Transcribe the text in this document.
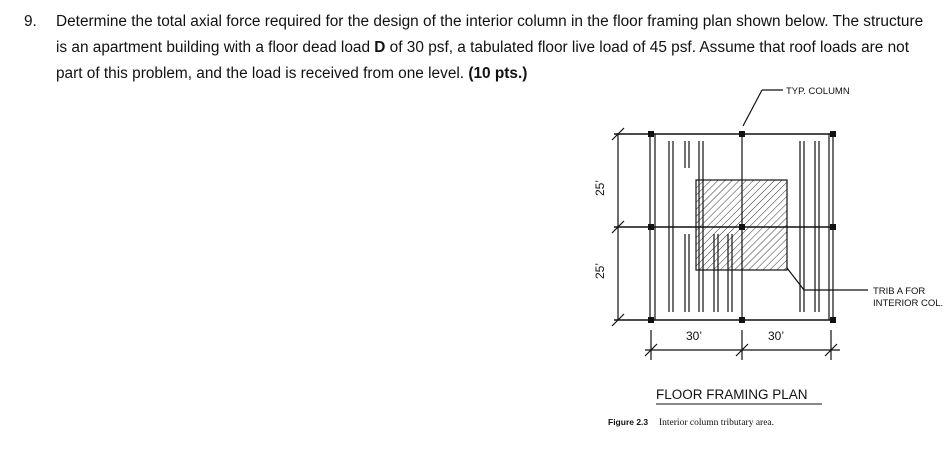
9. Determine the total axial force required for the design of the interior column in the floor framing plan shown below. The structure is an apartment building with a floor dead load D of 30 psf, a tabulated floor live load of 45 psf. Assume that roof loads are not part of this problem, and the load is received from one level. (10 pts.)
25’
25’
30’	30’
TYP. COLUMN
TRIB A FOR
INTERIOR COL.
FLOOR FRAMING PLAN
Figure 2.3 Interior column tributary area.
